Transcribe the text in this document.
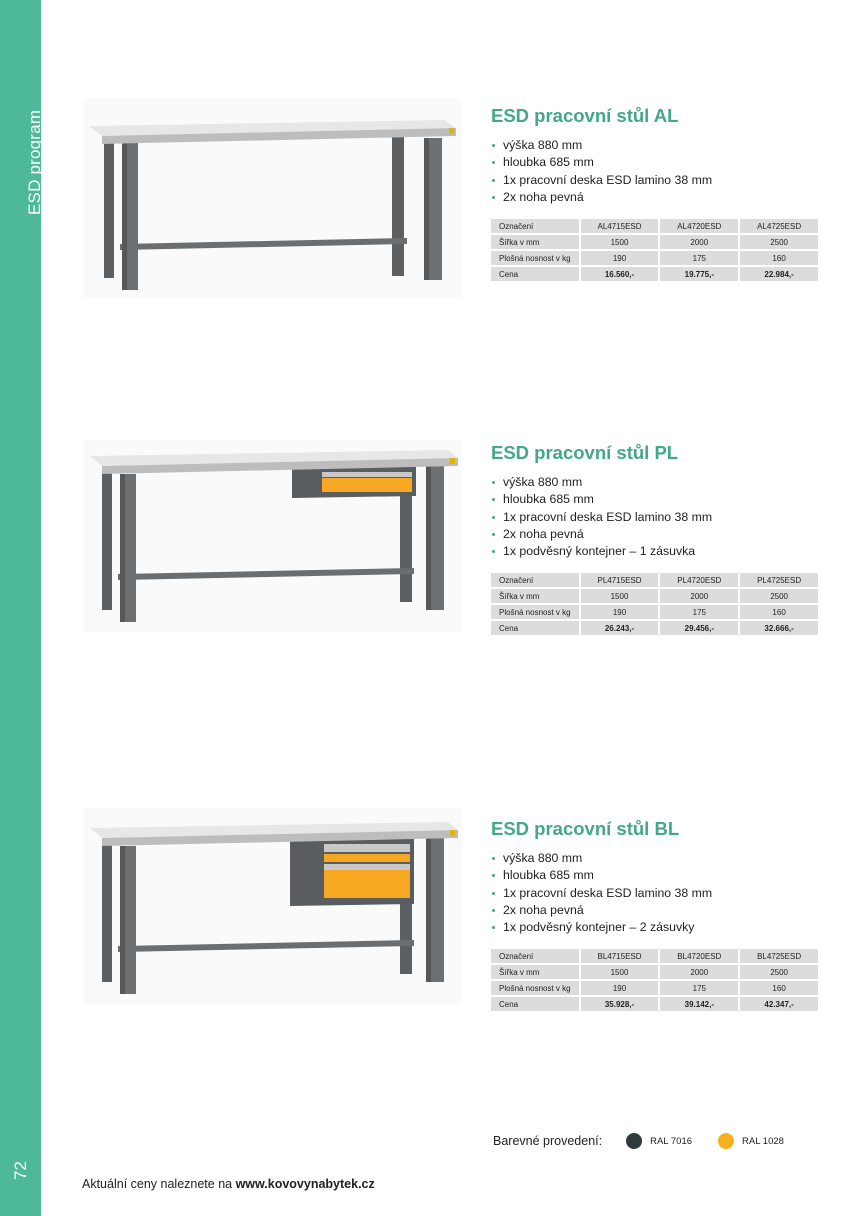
ESD program
72
ESD pracovní stůl AL
výška 880 mm
hloubka 685 mm
1x pracovní deska ESD lamino 38 mm
2x noha pevná
Označení	AL4715ESD	AL4720ESD	AL4725ESD
Šířka v mm	1500	2000	2500
Plošná nosnost v kg	190	175	160
Cena	16.560,-	19.775,-	22.984,-
ESD pracovní stůl PL
výška 880 mm
hloubka 685 mm
1x pracovní deska ESD lamino 38 mm
2x noha pevná
1x podvěsný kontejner – 1 zásuvka
Označení	PL4715ESD	PL4720ESD	PL4725ESD
Šířka v mm	1500	2000	2500
Plošná nosnost v kg	190	175	160
Cena	26.243,-	29.456,-	32.666,-
ESD pracovní stůl BL
výška 880 mm
hloubka 685 mm
1x pracovní deska ESD lamino 38 mm
2x noha pevná
1x podvěsný kontejner – 2 zásuvky
Označení	BL4715ESD	BL4720ESD	BL4725ESD
Šířka v mm	1500	2000	2500
Plošná nosnost v kg	190	175	160
Cena	35.928,-	39.142,-	42.347,-
Barevné provedení:	RAL 7016	RAL 1028
Aktuální ceny naleznete na www.kovovynabytek.cz
